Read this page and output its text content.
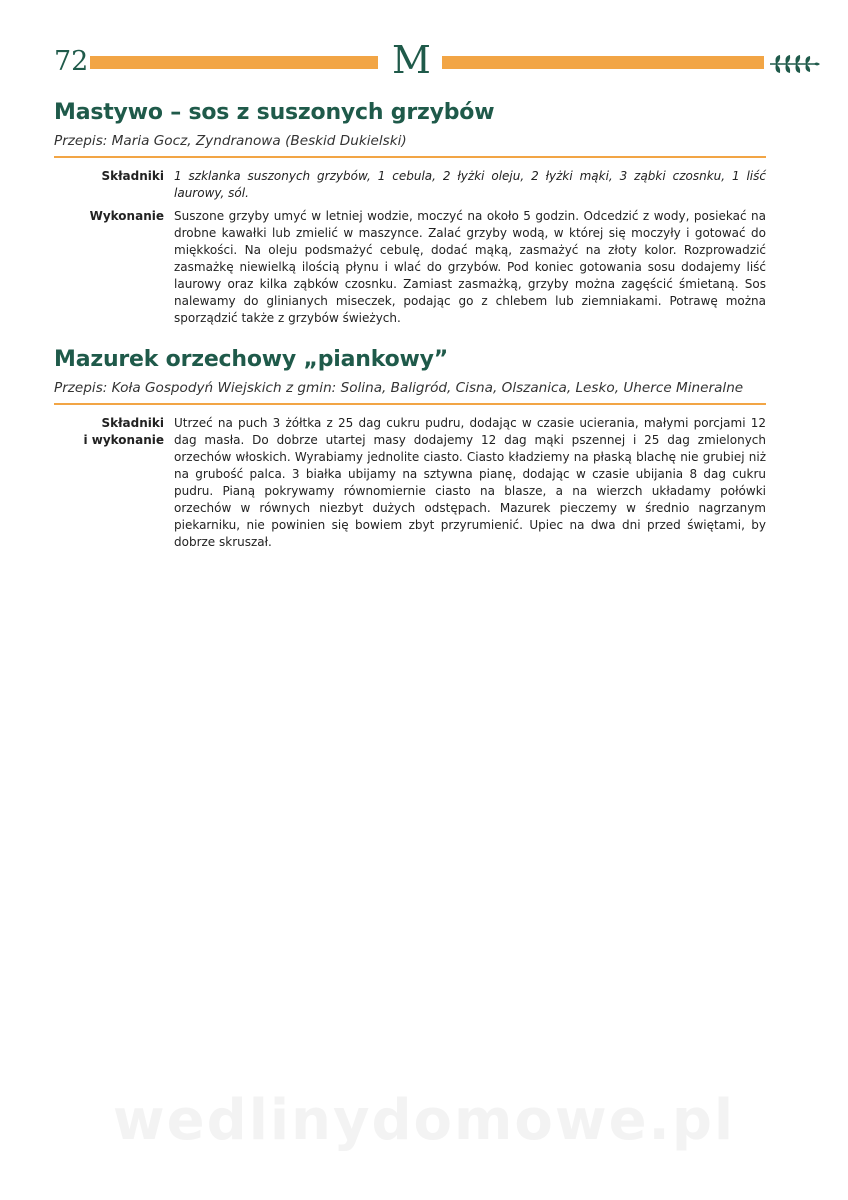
72	M
Mastywo – sos z suszonych grzybów
Przepis: Maria Gocz, Zyndranowa (Beskid Dukielski)
Składniki 1 szklanka suszonych grzybów, 1 cebula, 2 łyżki oleju, 2 łyżki mąki, 3 ząbki czosnku, 1 liść laurowy, sól.
Wykonanie Suszone grzyby umyć w letniej wodzie, moczyć na około 5 godzin. Odcedzić z wody, posiekać na drobne kawałki lub zmielić w maszynce. Zalać grzyby wodą, w której się moczyły i gotować do miękkości. Na oleju podsmażyć cebulę, dodać mąką, zasmażyć na złoty kolor. Rozprowadzić zasmażkę niewielką ilością płynu i wlać do grzybów. Pod koniec gotowania sosu dodajemy liść laurowy oraz kilka ząbków czosnku. Zamiast zasmażką, grzyby można zagęścić śmietaną. Sos nalewamy do glinianych miseczek, podając go z chlebem lub ziemniakami. Potrawę można sporządzić także z grzybów świeżych.
Mazurek orzechowy „piankowy”
Przepis: Koła Gospodyń Wiejskich z gmin: Solina, Baligród, Cisna, Olszanica, Lesko, Uherce Mineralne
Składniki
i wykonanie
Utrzeć na puch 3 żółtka z 25 dag cukru pudru, dodając w czasie ucierania, małymi porcjami 12 dag masła. Do dobrze utartej masy dodajemy 12 dag mąki pszennej i 25 dag zmielonych orzechów włoskich. Wyrabiamy jednolite ciasto. Ciasto kładziemy na płaską blachę nie grubiej niż na grubość palca. 3 białka ubijamy na sztywna pianę, dodając w czasie ubijania 8 dag cukru pudru. Pianą pokrywamy równomiernie ciasto na blasze, a na wierzch układamy połówki orzechów w równych niezbyt dużych odstępach. Mazurek pieczemy w średnio nagrzanym piekarniku, nie powinien się bowiem zbyt przyrumienić. Upiec na dwa dni przed świętami, by dobrze skruszał.
wedlinydomowe.pl
